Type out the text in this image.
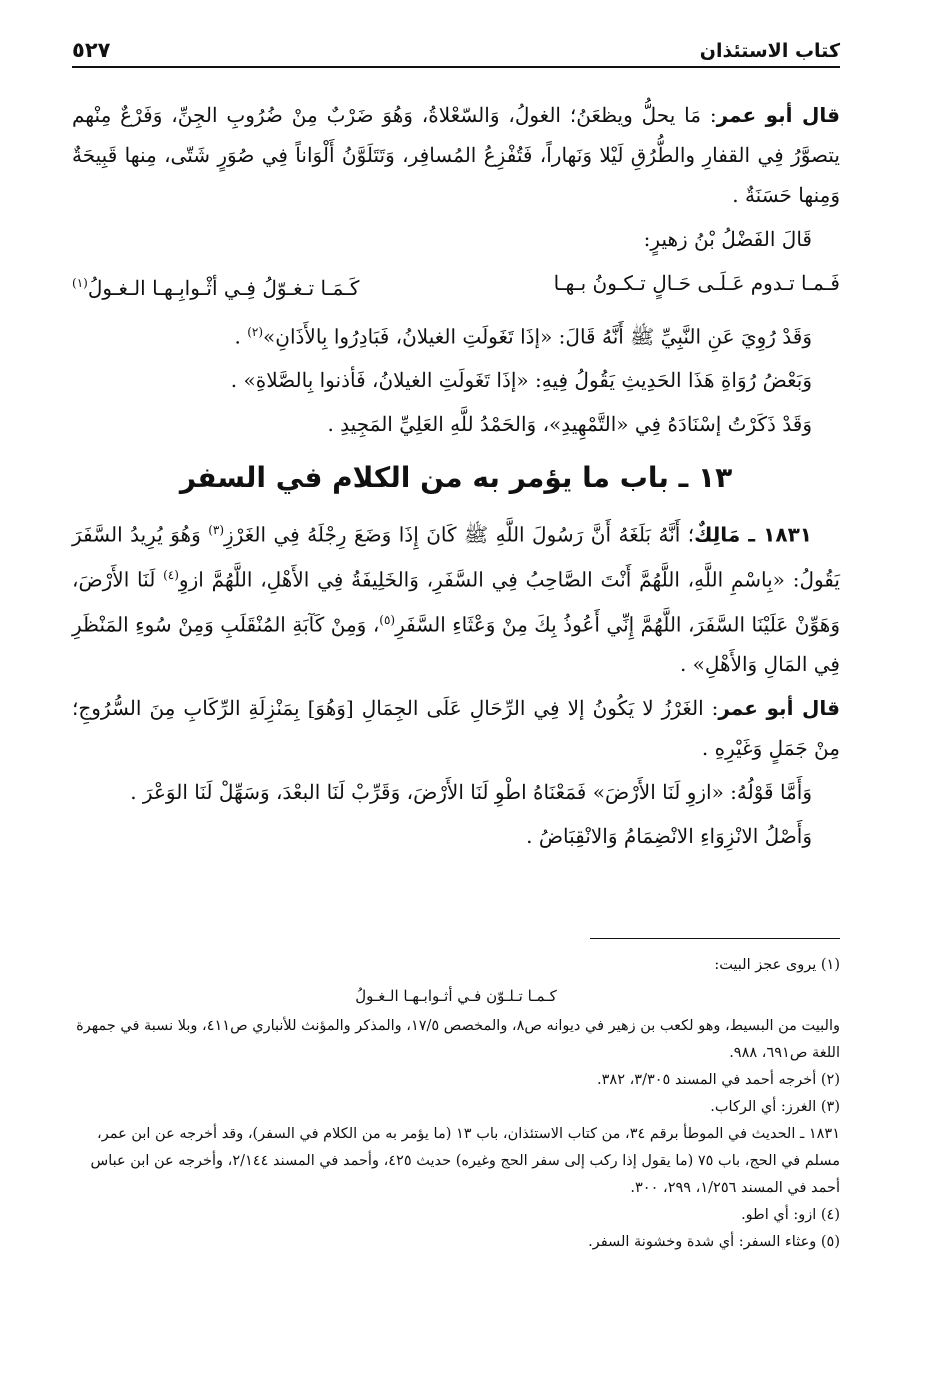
كتاب الاستئذان
٥٢٧

قال أبو عمر: مَا يحلُّ ويظعَنُ؛ الغولُ، وَالسّعْلاةُ، وَهُوَ ضَرْبٌ مِنْ ضُرُوبِ الجِنِّ، وَفَرْعٌ مِنْهم يتصوَّرُ فِي القفارِ والطُّرُقِ لَيْلا وَنَهاراً، فَتُفْزِعُ المُسافِر، وَتَتَلَوَّنُ أَلْوَاناً فِي صُوَرٍ شَتّى، مِنها قَبِيحَةٌ وَمِنها حَسَنَةٌ .

قَالَ الفَضْلُ بْنُ زهيرٍ:

فَـمـا تـدوم عَـلَـى حَـالٍ تـكـونُ بـهـا
كَـمَـا تـغـوّلُ فِـي أثْـوابِـهـا الـغـولُ(١)

وَقَدْ رُوِيَ عَنِ النَّبِيِّ ﷺ أَنَّهُ قَالَ: «إذَا تَغَولَتِ الغيلانُ، فَبَادِرُوا بِالأَذَانِ»$^{(٢)}$ .

وَبَعْضُ رُوَاةِ هَذَا الحَدِيثِ يَقُولُ فِيهِ: «إذَا تَغَولَتِ الغيلانُ، فَأذنوا بِالصَّلاةِ» .

وَقَدْ ذَكَرْتُ إسْنَادَهُ فِي «التَّمْهِيدِ»، وَالحَمْدُ للَّهِ العَلِيِّ المَجِيدِ .

١٣ ـ باب ما يؤمر به من الكلام في السفر

١٨٣١ ـ مَالِكٌ؛ أَنَّهُ بَلَغَهُ أَنَّ رَسُولَ اللَّهِ ﷺ كَانَ إِذَا وَضَعَ رِجْلَهُ فِي الغَرْزِ$^{(٣)}$ وَهُوَ يُرِيدُ السَّفَرَ يَقُولُ: «بِاسْمِ اللَّهِ، اللَّهُمَّ أَنْتَ الصَّاحِبُ فِي السَّفَرِ، وَالخَلِيفَةُ فِي الأَهْلِ، اللَّهُمَّ ازوِ$^{(٤)}$ لَنَا الأَرْضَ، وَهَوِّنْ عَلَيْنَا السَّفَرَ، اللَّهُمَّ إِنِّي أَعُوذُ بِكَ مِنْ وَعْثَاءِ السَّفَرِ$^{(٥)}$، وَمِنْ كَآبَةِ المُنْقَلَبِ وَمِنْ سُوءِ المَنْظَرِ فِي المَالِ وَالأَهْلِ» .

قال أبو عمر: الغَرْزُ لا يَكُونُ إلا فِي الرِّحَالِ عَلَى الجِمَالِ [وَهُوَ] بِمَنْزِلَةِ الرِّكَابِ مِنَ السُّرُوجِ؛ مِنْ جَمَلٍ وَغَيْرِهِ .

وَأَمَّا قَوْلُهُ: «ازوِ لَنَا الأَرْضَ» فَمَعْنَاهُ اطْوِ لَنَا الأَرْضَ، وَقَرِّبْ لَنَا البعْدَ، وَسَهِّلْ لَنَا الوَعْرَ .

وَأَصْلُ الانْزِوَاءِ الانْضِمَامُ وَالانْقِبَاضُ .

(١) يروى عجز البيت:

كـمـا تـلـوّن فـي أثـوابـهـا الـغـولُ

والبيت من البسيط، وهو لكعب بن زهير في ديوانه ص٨، والمخصص ١٧/٥، والمذكر والمؤنث للأنباري ص٤١١، وبلا نسبة في جمهرة اللغة ص٦٩١، ٩٨٨.

(٢) أخرجه أحمد في المسند ٣/٣٠٥، ٣٨٢.

(٣) الغرز: أي الركاب.

١٨٣١ ـ الحديث في الموطأ برقم ٣٤، من كتاب الاستئذان، باب ١٣ (ما يؤمر به من الكلام في السفر)، وقد أخرجه عن ابن عمر، مسلم في الحج، باب ٧٥ (ما يقول إذا ركب إلى سفر الحج وغيره) حديث ٤٢٥، وأحمد في المسند ٢/١٤٤، وأخرجه عن ابن عباس أحمد في المسند ١/٢٥٦، ٢٩٩، ٣٠٠.

(٤) ازو: أي اطو.

(٥) وعثاء السفر: أي شدة وخشونة السفر.
